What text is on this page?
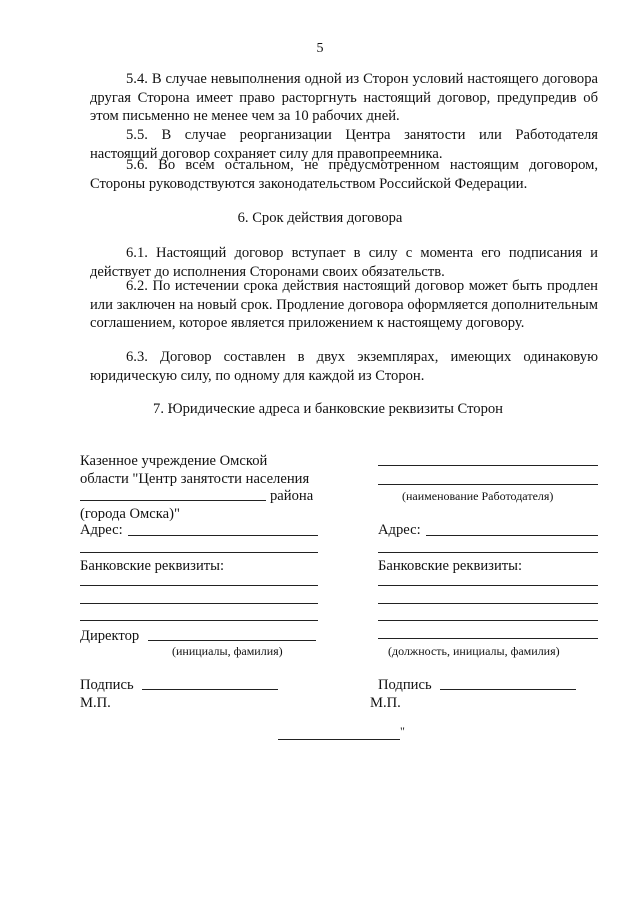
5

5.4. В случае невыполнения одной из Сторон условий настоящего договора другая Сторона имеет право расторгнуть настоящий договор, предупредив об этом письменно не менее чем за 10 рабочих дней.

5.5. В случае реорганизации Центра занятости или Работодателя настоящий договор сохраняет силу для правопреемника.

5.6. Во всем остальном, не предусмотренном настоящим договором, Стороны руководствуются законодательством Российской Федерации.

6. Срок действия договора

6.1. Настоящий договор вступает в силу с момента его подписания и действует до исполнения Сторонами своих обязательств.

6.2. По истечении срока действия настоящий договор может быть продлен или заключен на новый срок. Продление договора оформляется дополнительным соглашением, которое является приложением к настоящему договору.

6.3. Договор составлен в двух экземплярах, имеющих одинаковую юридическую силу, по одному для каждой из Сторон.

7. Юридические адреса и банковские реквизиты Сторон

Казенное учреждение Омской
области "Центр занятости населения
района
(города Омска)"
Адрес:
Банковские реквизиты:
Директор
(инициалы, фамилия)
Подпись
М.П.
(наименование Работодателя)
Адрес:
Банковские реквизиты:
(должность, инициалы, фамилия)
Подпись
М.П.
"
